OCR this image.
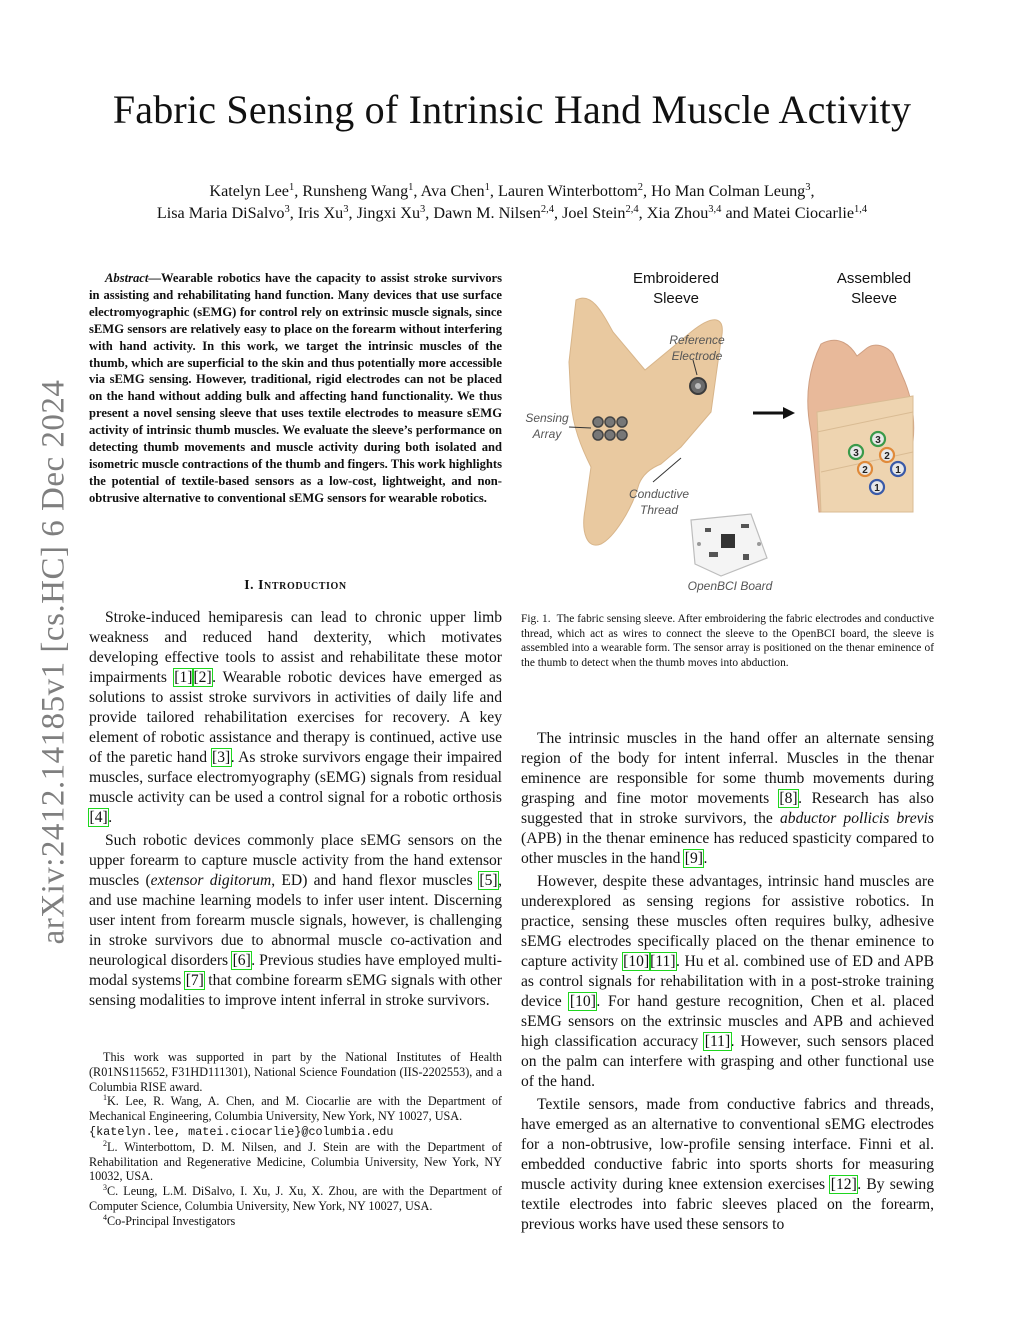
arXiv:2412.14185v1 [cs.HC] 6 Dec 2024
Fabric Sensing of Intrinsic Hand Muscle Activity
Katelyn Lee$^1$, Runsheng Wang$^1$, Ava Chen$^1$, Lauren Winterbottom$^2$, Ho Man Colman Leung$^3$,
Lisa Maria DiSalvo$^3$, Iris Xu$^3$, Jingxi Xu$^3$, Dawn M. Nilsen$^{2,4}$, Joel Stein$^{2,4}$, Xia Zhou$^{3,4}$ and Matei Ciocarlie$^{1,4}$

Abstract—Wearable robotics have the capacity to assist stroke survivors in assisting and rehabilitating hand function. Many devices that use surface electromyographic (sEMG) for control rely on extrinsic muscle signals, since sEMG sensors are relatively easy to place on the forearm without interfering with hand activity. In this work, we target the intrinsic muscles of the thumb, which are superficial to the skin and thus potentially more accessible via sEMG sensing. However, traditional, rigid electrodes can not be placed on the hand without adding bulk and affecting hand functionality. We thus present a novel sensing sleeve that uses textile electrodes to measure sEMG activity of intrinsic thumb muscles. We evaluate the sleeve’s performance on detecting thumb movements and muscle activity during both isolated and isometric muscle contractions of the thumb and fingers. This work highlights the potential of textile-based sensors as a low-cost, lightweight, and non-obtrusive alternative to conventional sEMG sensors for wearable robotics.

I. Introduction

Stroke-induced hemiparesis can lead to chronic upper limb weakness and reduced hand dexterity, which motivates developing effective tools to assist and rehabilitate these motor impairments [1][2]. Wearable robotic devices have emerged as solutions to assist stroke survivors in activities of daily life and provide tailored rehabilitation exercises for recovery. A key element of robotic assistance and therapy is continued, active use of the paretic hand [3]. As stroke survivors engage their impaired muscles, surface electromyography (sEMG) signals from residual muscle activity can be used a control signal for a robotic orthosis [4].

Such robotic devices commonly place sEMG sensors on the upper forearm to capture muscle activity from the hand extensor muscles (extensor digitorum, ED) and hand flexor muscles [5], and use machine learning models to infer user intent. Discerning user intent from forearm muscle signals, however, is challenging in stroke survivors due to abnormal muscle co-activation and neurological disorders [6]. Previous studies have employed multi-modal systems [7] that combine forearm sEMG signals with other sensing modalities to improve intent inferral in stroke survivors.

This work was supported in part by the National Institutes of Health (R01NS115652, F31HD111301), National Science Foundation (IIS-2202553), and a Columbia RISE award.

$^1$K. Lee, R. Wang, A. Chen, and M. Ciocarlie are with the Department of Mechanical Engineering, Columbia University, New York, NY 10027, USA.
{katelyn.lee, matei.ciocarlie}@columbia.edu

$^2$L. Winterbottom, D. M. Nilsen, and J. Stein are with the Department of Rehabilitation and Regenerative Medicine, Columbia University, New York, NY 10032, USA.

$^3$C. Leung, L.M. DiSalvo, I. Xu, J. Xu, X. Zhou, are with the Department of Computer Science, Columbia University, New York, NY 10027, USA.

$^4$Co-Principal Investigators

3
3	2
2	1
1
Embroidered
Sleeve
Assembled
Sleeve
Reference
Electrode
Sensing
Array
Conductive
Thread
OpenBCI Board

Fig. 1. The fabric sensing sleeve. After embroidering the fabric electrodes and conductive thread, which act as wires to connect the sleeve to the OpenBCI board, the sleeve is assembled into a wearable form. The sensor array is positioned on the thenar eminence of the thumb to detect when the thumb moves into abduction.

The intrinsic muscles in the hand offer an alternate sensing region of the body for intent inferral. Muscles in the thenar eminence are responsible for some thumb movements during grasping and fine motor movements [8]. Research has also suggested that in stroke survivors, the abductor pollicis brevis (APB) in the thenar eminence has reduced spasticity compared to other muscles in the hand [9].

However, despite these advantages, intrinsic hand muscles are underexplored as sensing regions for assistive robotics. In practice, sensing these muscles often requires bulky, adhesive sEMG electrodes specifically placed on the thenar eminence to capture activity [10][11]. Hu et al. combined use of ED and APB as control signals for rehabilitation with in a post-stroke training device [10]. For hand gesture recognition, Chen et al. placed sEMG sensors on the extrinsic muscles and APB and achieved high classification accuracy [11]. However, such sensors placed on the palm can interfere with grasping and other functional use of the hand.

Textile sensors, made from conductive fabrics and threads, have emerged as an alternative to conventional sEMG electrodes for a non-obtrusive, low-profile sensing interface. Finni et al. embedded conductive fabric into sports shorts for measuring muscle activity during knee extension exercises [12]. By sewing textile electrodes into fabric sleeves placed on the forearm, previous works have used these sensors to
